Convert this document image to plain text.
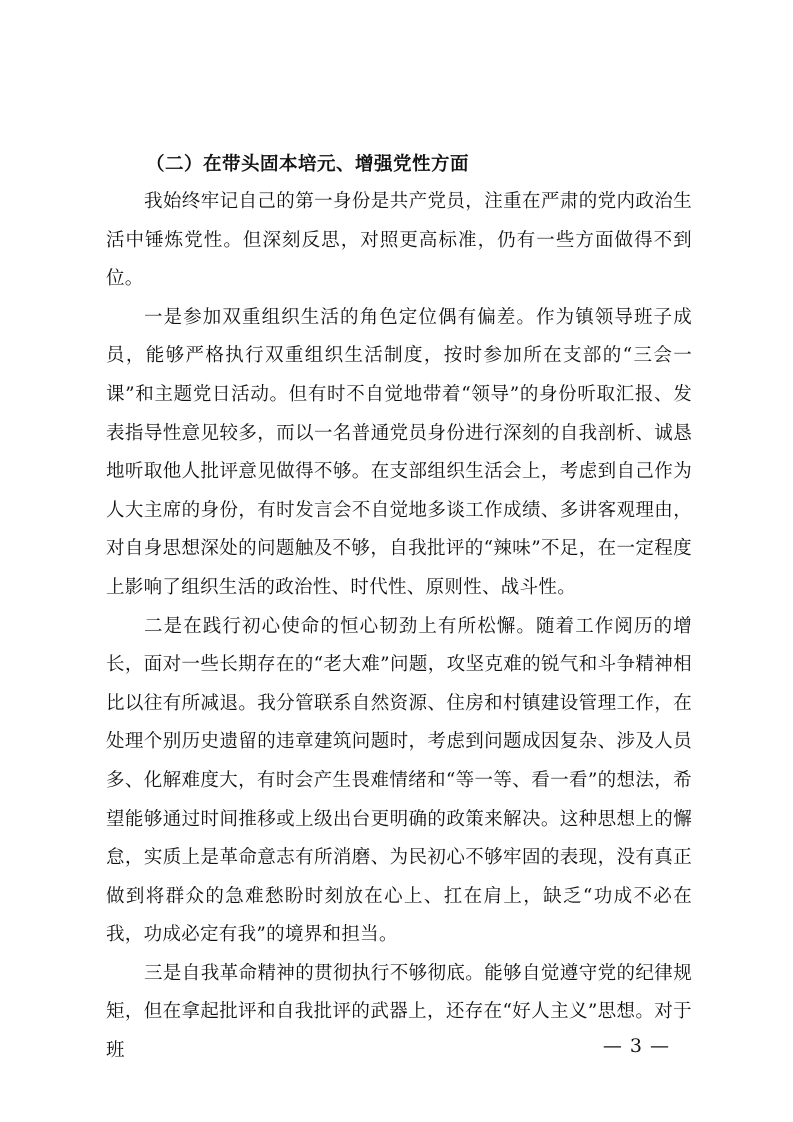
（二）在带头固本培元、增强党性方面

我始终牢记自己的第一身份是共产党员，注重在严肃的党内政治生活中锤炼党性。但深刻反思，对照更高标准，仍有一些方面做得不到位。

一是参加双重组织生活的角色定位偶有偏差。作为镇领导班子成员，能够严格执行双重组织生活制度，按时参加所在支部的“三会一课”和主题党日活动。但有时不自觉地带着“领导”的身份听取汇报、发表指导性意见较多，而以一名普通党员身份进行深刻的自我剖析、诚恳地听取他人批评意见做得不够。在支部组织生活会上，考虑到自己作为人大主席的身份，有时发言会不自觉地多谈工作成绩、多讲客观理由，对自身思想深处的问题触及不够，自我批评的“辣味”不足，在一定程度上影响了组织生活的政治性、时代性、原则性、战斗性。

二是在践行初心使命的恒心韧劲上有所松懈。随着工作阅历的增长，面对一些长期存在的“老大难”问题，攻坚克难的锐气和斗争精神相比以往有所减退。我分管联系自然资源、住房和村镇建设管理工作，在处理个别历史遗留的违章建筑问题时，考虑到问题成因复杂、涉及人员多、化解难度大，有时会产生畏难情绪和“等一等、看一看”的想法，希望能够通过时间推移或上级出台更明确的政策来解决。这种思想上的懈怠，实质上是革命意志有所消磨、为民初心不够牢固的表现，没有真正做到将群众的急难愁盼时刻放在心上、扛在肩上，缺乏“功成不必在我，功成必定有我”的境界和担当。

三是自我革命精神的贯彻执行不够彻底。能够自觉遵守党的纪律规矩，但在拿起批评和自我批评的武器上，还存在“好人主义”思想。对于班	— 3 —
